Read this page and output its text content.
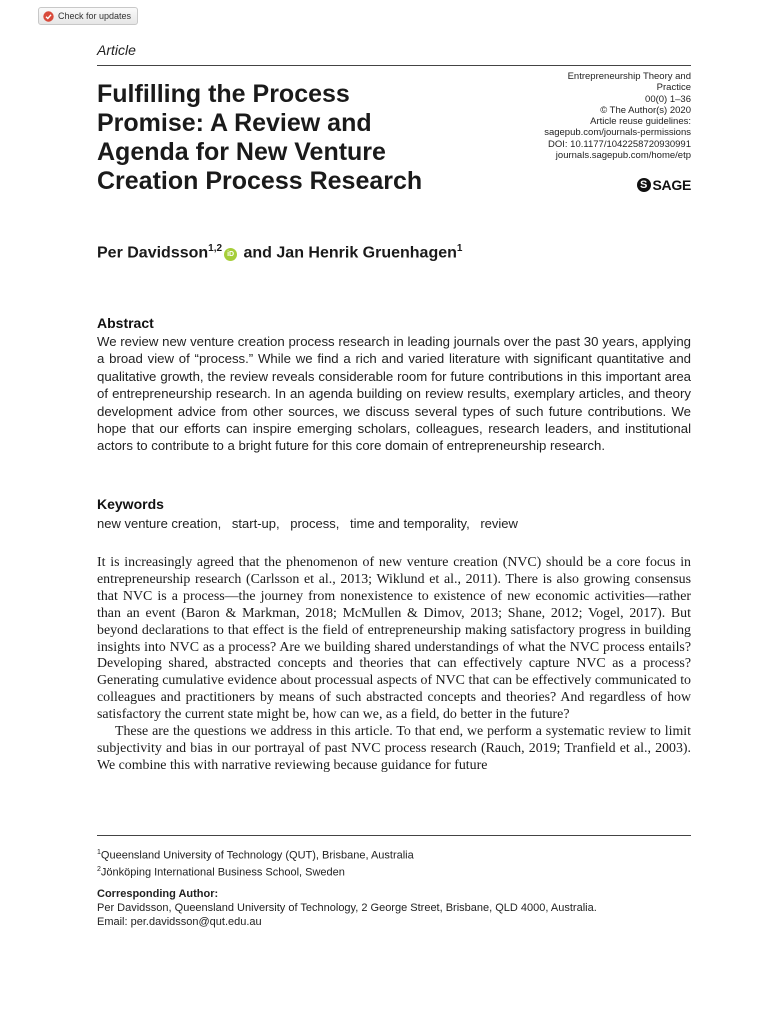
Check for updates
Article
Fulfilling the Process
Promise: A Review and
Agenda for New Venture
Creation Process Research
Entrepreneurship Theory and
Practice
00(0) 1–36
© The Author(s) 2020
Article reuse guidelines:
sagepub.com/journals-permissions
DOI: 10.1177/1042258720930991
journals.sagepub.com/home/etp
S SAGE
Per Davidsson$^{1,2}$iD and Jan Henrik Gruenhagen$^1$
Abstract
We review new venture creation process research in leading journals over the past 30 years, applying a broad view of “process.” While we find a rich and varied literature with significant quantitative and qualitative growth, the review reveals considerable room for future contributions in this important area of entrepreneurship research. In an agenda building on review results, exemplary articles, and theory development advice from other sources, we discuss several types of such future contributions. We hope that our efforts can inspire emerging scholars, colleagues, research leaders, and institutional actors to contribute to a bright future for this core domain of entrepreneurship research.
Keywords
new venture creation, start-up, process, time and temporality, review

It is increasingly agreed that the phenomenon of new venture creation (NVC) should be a core focus in entrepreneurship research (Carlsson et al., 2013; Wiklund et al., 2011). There is also growing consensus that NVC is a process—the journey from nonexistence to existence of new economic activities—rather than an event (Baron & Markman, 2018; McMullen & Dimov, 2013; Shane, 2012; Vogel, 2017). But beyond declarations to that effect is the field of entrepreneurship making satisfactory progress in building insights into NVC as a process? Are we building shared understandings of what the NVC process entails? Developing shared, abstracted concepts and theories that can effectively capture NVC as a process? Generating cumulative evidence about processual aspects of NVC that can be effectively communicated to colleagues and practitioners by means of such abstracted concepts and theories? And regardless of how satisfactory the current state might be, how can we, as a field, do better in the future?

These are the questions we address in this article. To that end, we perform a systematic review to limit subjectivity and bias in our portrayal of past NVC process research (Rauch, 2019; Tranfield et al., 2003). We combine this with narrative reviewing because guidance for future

$^1$Queensland University of Technology (QUT), Brisbane, Australia
$^2$Jönköping International Business School, Sweden
Corresponding Author:
Per Davidsson, Queensland University of Technology, 2 George Street, Brisbane, QLD 4000, Australia.
Email: per.davidsson@qut.edu.au
